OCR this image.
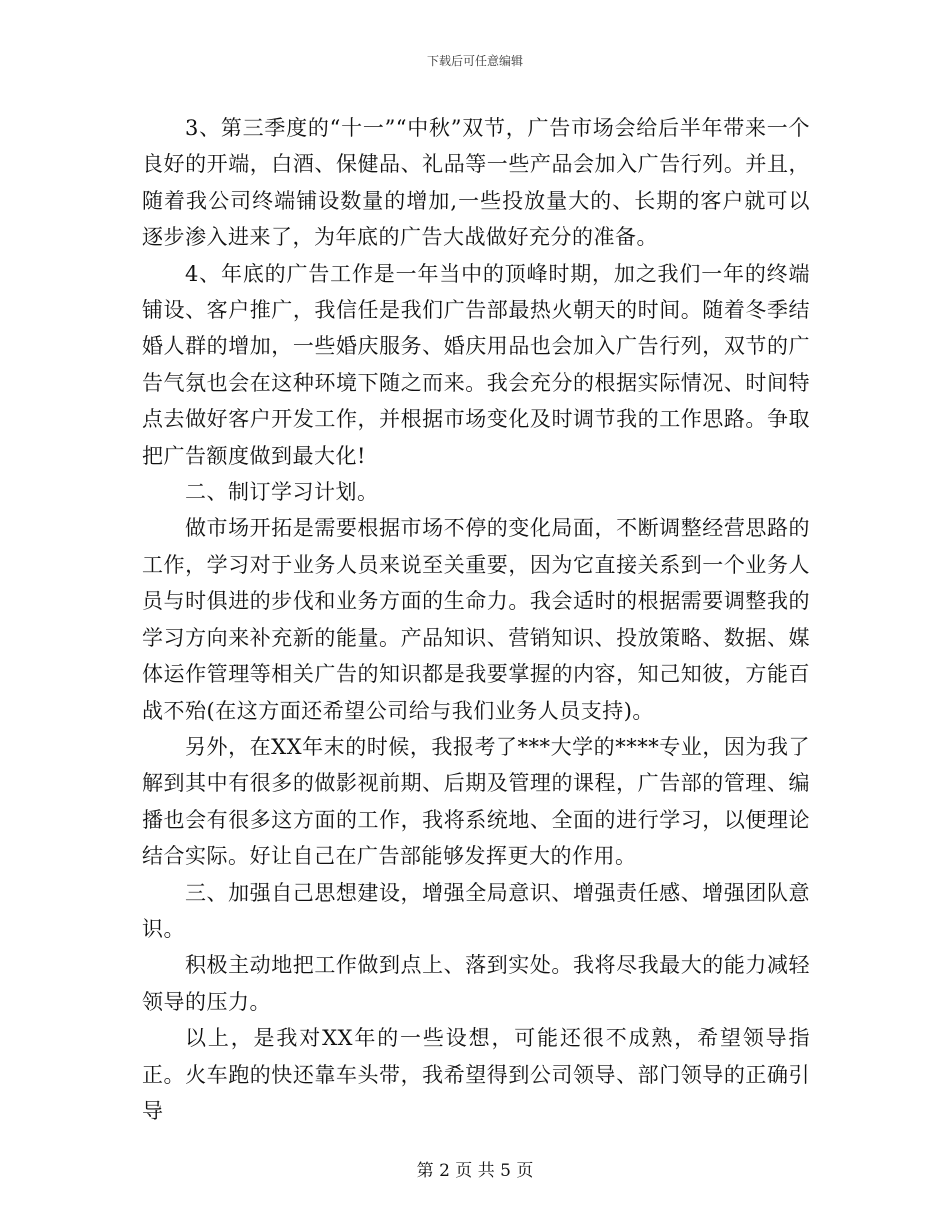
下载后可任意编辑

3、第三季度的“十一”“中秋”双节，广告市场会给后半年带来一个良好的开端，白酒、保健品、礼品等一些产品会加入广告行列。并且，随着我公司终端铺设数量的增加,一些投放量大的、长期的客户就可以逐步渗入进来了，为年底的广告大战做好充分的准备。

4、年底的广告工作是一年当中的顶峰时期，加之我们一年的终端铺设、客户推广，我信任是我们广告部最热火朝天的时间。随着冬季结婚人群的增加，一些婚庆服务、婚庆用品也会加入广告行列，双节的广告气氛也会在这种环境下随之而来。我会充分的根据实际情况、时间特点去做好客户开发工作，并根据市场变化及时调节我的工作思路。争取把广告额度做到最大化!

二、制订学习计划。

做市场开拓是需要根据市场不停的变化局面，不断调整经营思路的工作，学习对于业务人员来说至关重要，因为它直接关系到一个业务人员与时俱进的步伐和业务方面的生命力。我会适时的根据需要调整我的学习方向来补充新的能量。产品知识、营销知识、投放策略、数据、媒体运作管理等相关广告的知识都是我要掌握的内容，知己知彼，方能百战不殆(在这方面还希望公司给与我们业务人员支持)。

另外，在XX年末的时候，我报考了***大学的****专业，因为我了解到其中有很多的做影视前期、后期及管理的课程，广告部的管理、编播也会有很多这方面的工作，我将系统地、全面的进行学习，以便理论结合实际。好让自己在广告部能够发挥更大的作用。

三、加强自己思想建设，增强全局意识、增强责任感、增强团队意识。

积极主动地把工作做到点上、落到实处。我将尽我最大的能力减轻领导的压力。

以上，是我对XX年的一些设想，可能还很不成熟，希望领导指正。火车跑的快还靠车头带，我希望得到公司领导、部门领导的正确引导

第 2 页 共 5 页
